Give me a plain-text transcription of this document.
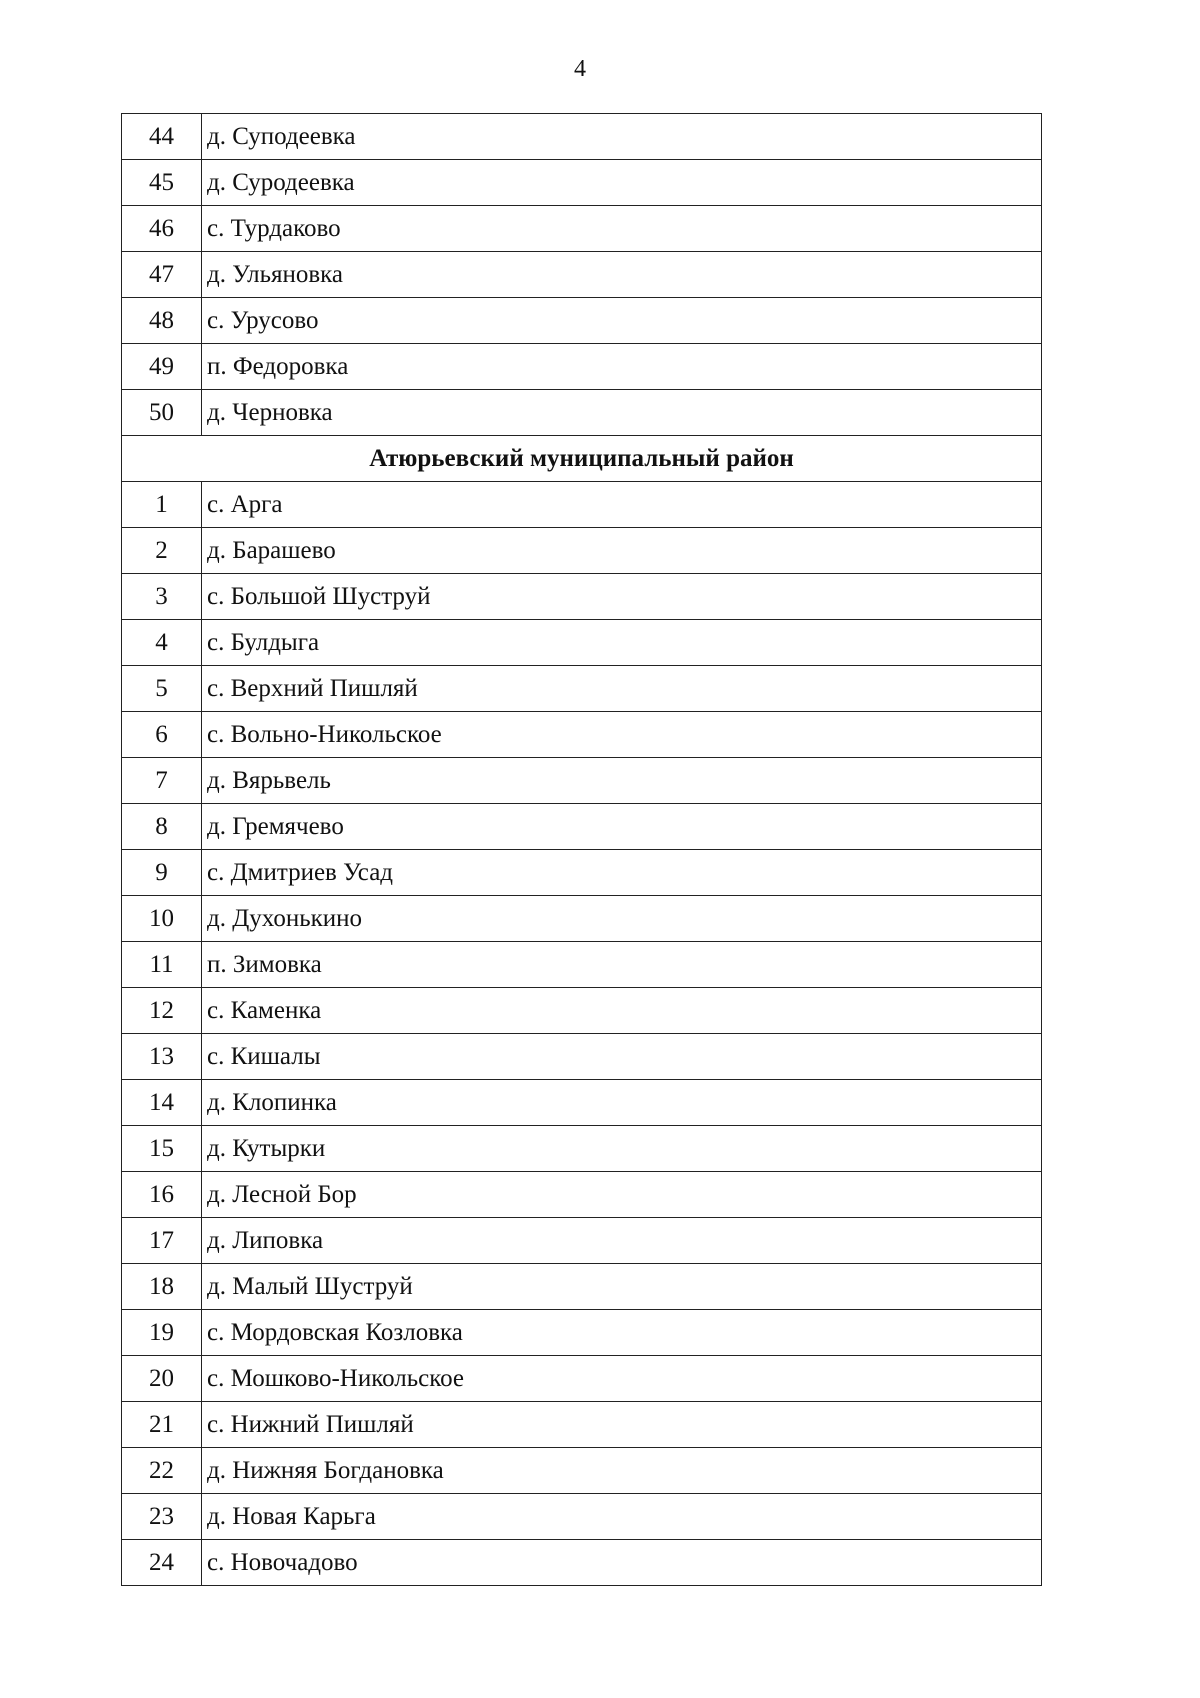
4
44	д. Суподеевка
45	д. Суродеевка
46	с. Турдаково
47	д. Ульяновка
48	с. Урусово
49	п. Федоровка
50	д. Черновка
Атюрьевский муниципальный район	
1	с. Арга
2	д. Барашево
3	с. Большой Шуструй
4	с. Булдыга
5	с. Верхний Пишляй
6	с. Вольно-Никольское
7	д. Вярьвель
8	д. Гремячево
9	с. Дмитриев Усад
10	д. Духонькино
11	п. Зимовка
12	с. Каменка
13	с. Кишалы
14	д. Клопинка
15	д. Кутырки
16	д. Лесной Бор
17	д. Липовка
18	д. Малый Шуструй
19	с. Мордовская Козловка
20	с. Мошково-Никольское
21	с. Нижний Пишляй
22	д. Нижняя Богдановка
23	д. Новая Карьга
24	с. Новочадово
